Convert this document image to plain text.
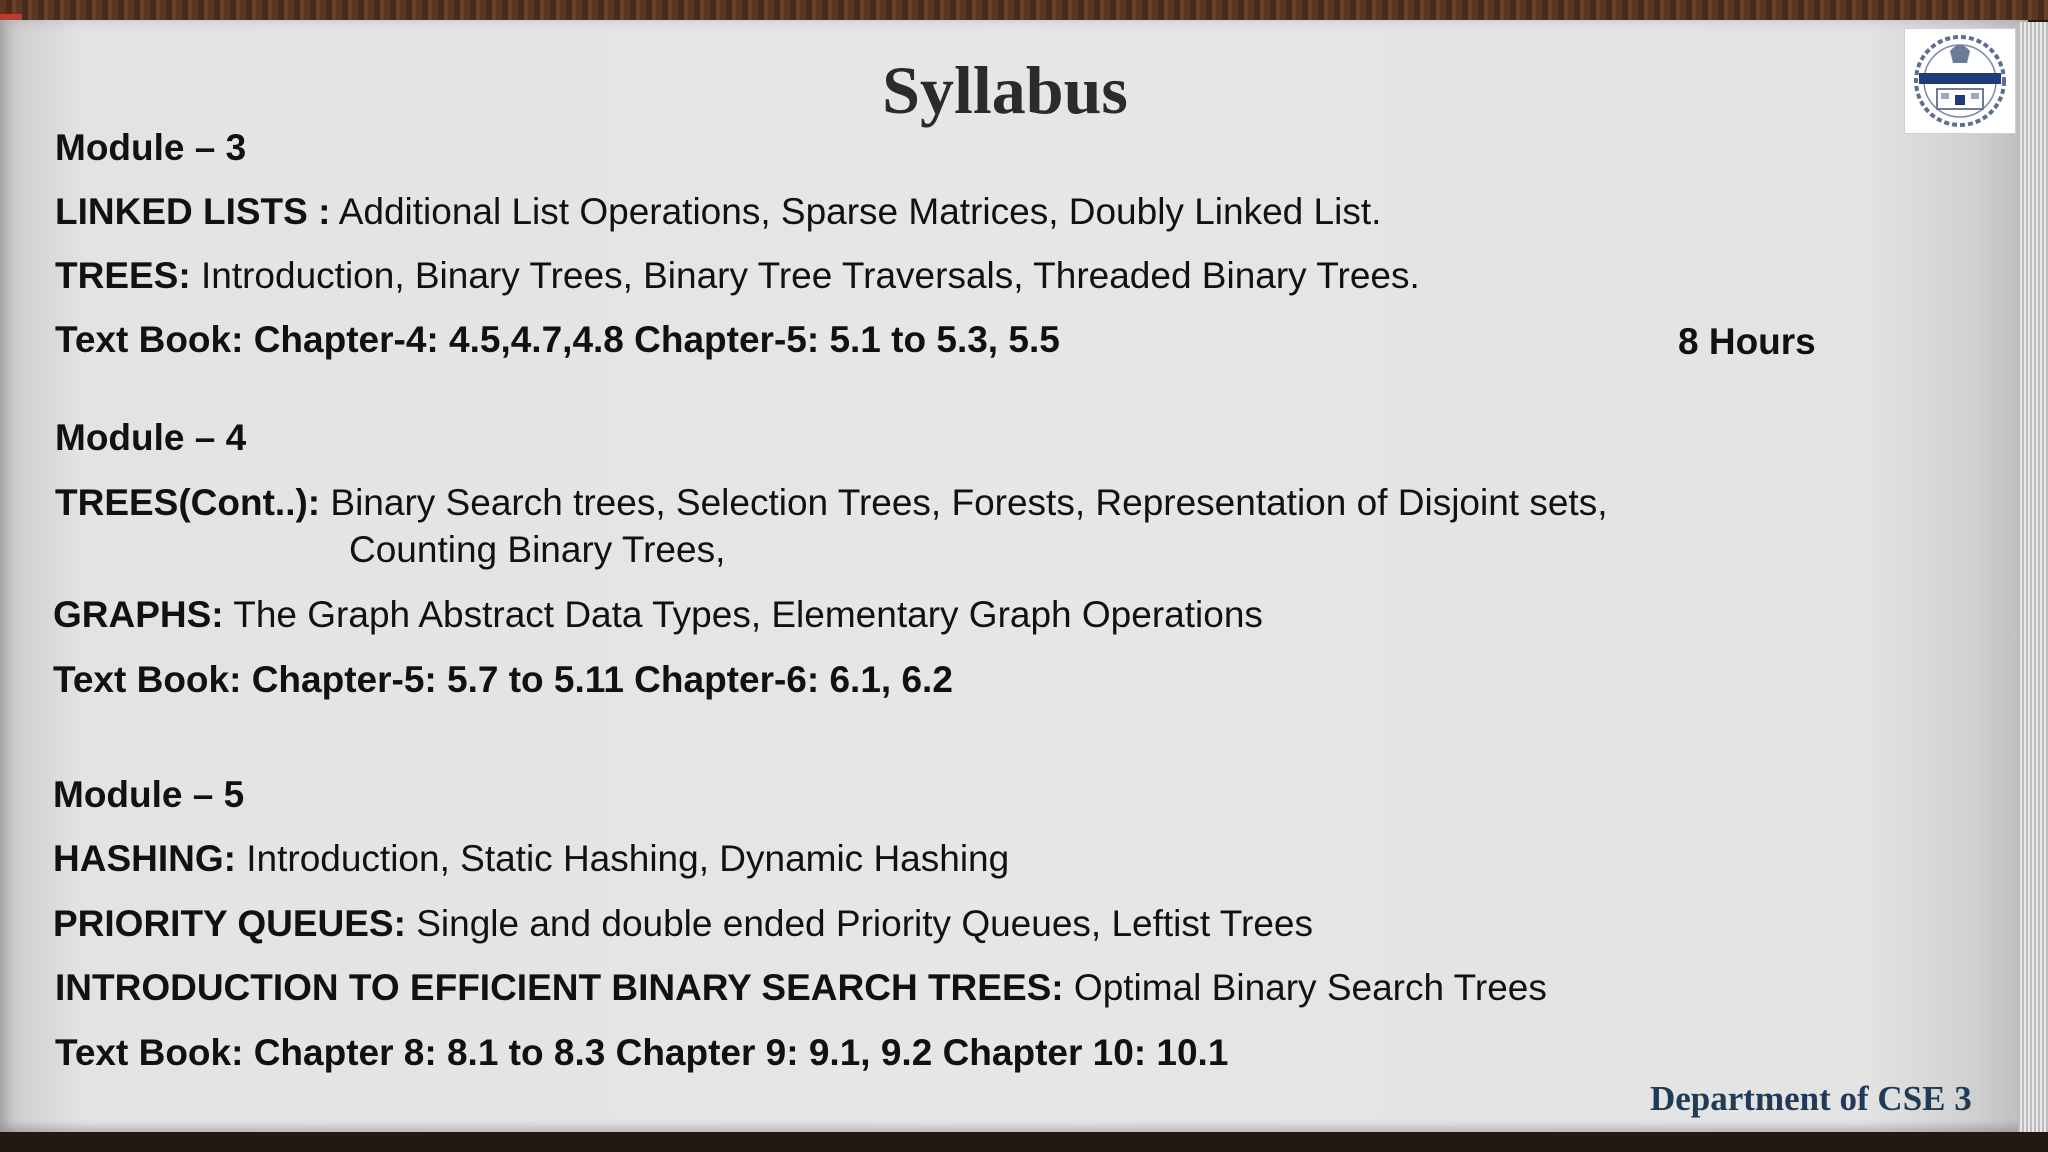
Syllabus
Module – 3
LINKED LISTS : Additional List Operations, Sparse Matrices, Doubly Linked List.
TREES: Introduction, Binary Trees, Binary Tree Traversals, Threaded Binary Trees.
Text Book: Chapter-4: 4.5,4.7,4.8 Chapter-5: 5.1 to 5.3, 5.5	8 Hours
Module – 4
TREES(Cont..): Binary Search trees, Selection Trees, Forests, Representation of Disjoint sets,
Counting Binary Trees,
GRAPHS: The Graph Abstract Data Types, Elementary Graph Operations
Text Book: Chapter-5: 5.7 to 5.11 Chapter-6: 6.1, 6.2
Module – 5
HASHING: Introduction, Static Hashing, Dynamic Hashing
PRIORITY QUEUES: Single and double ended Priority Queues, Leftist Trees
INTRODUCTION TO EFFICIENT BINARY SEARCH TREES: Optimal Binary Search Trees
Text Book: Chapter 8: 8.1 to 8.3 Chapter 9: 9.1, 9.2 Chapter 10: 10.1
Department of CSE 3
